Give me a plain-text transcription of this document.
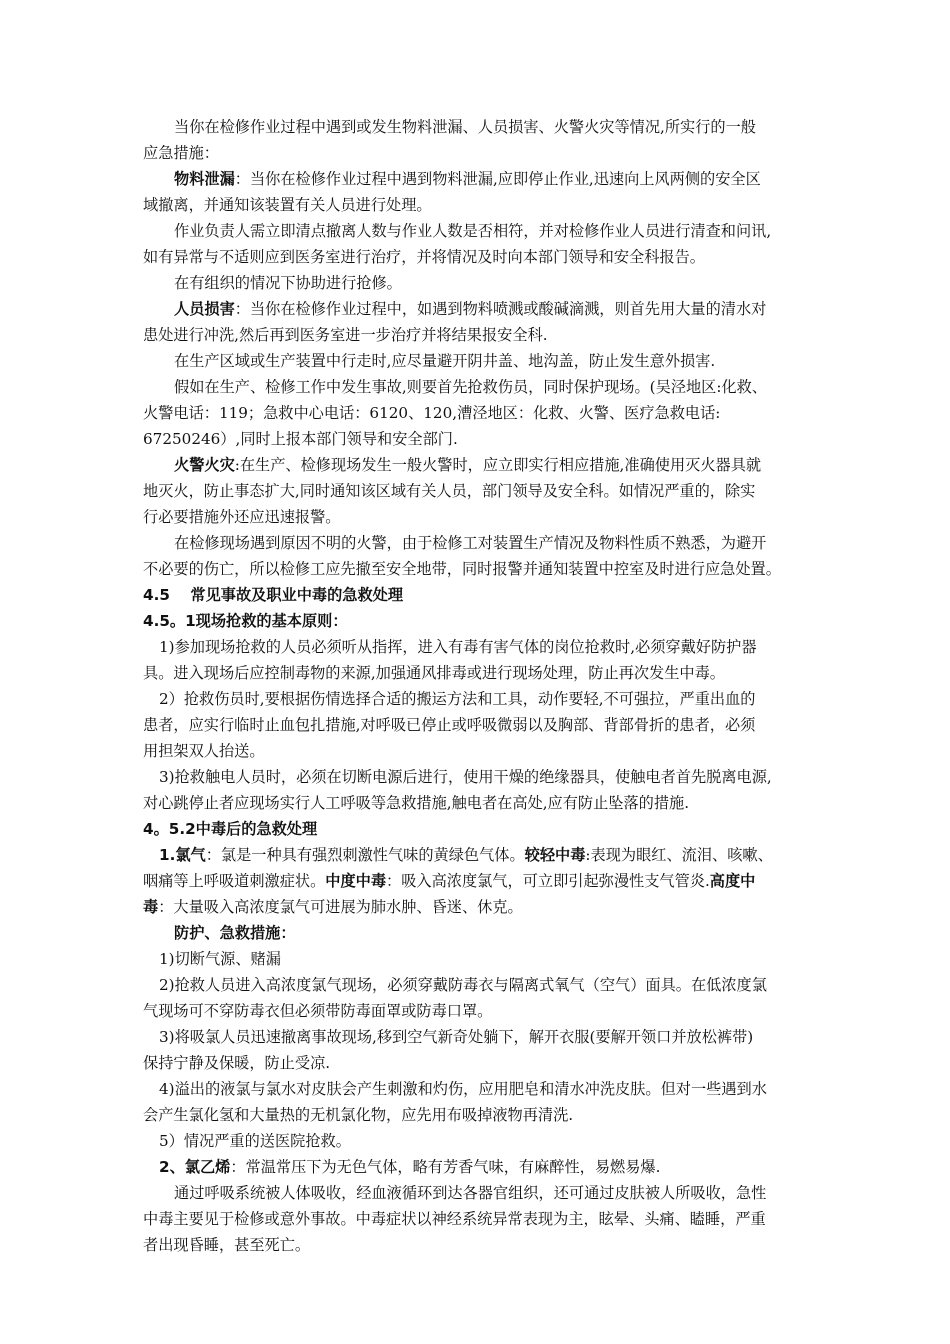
当你在检修作业过程中遇到或发生物料泄漏、人员损害、火警火灾等情况,所实行的一般

应急措施：

物料泄漏：当你在检修作业过程中遇到物料泄漏,应即停止作业,迅速向上风两侧的安全区

域撤离，并通知该装置有关人员进行处理。

作业负责人需立即清点撤离人数与作业人数是否相符，并对检修作业人员进行清查和问讯,

如有异常与不适则应到医务室进行治疗，并将情况及时向本部门领导和安全科报告。

在有组织的情况下协助进行抢修。

人员损害：当你在检修作业过程中，如遇到物料喷溅或酸碱滴溅，则首先用大量的清水对

患处进行冲洗,然后再到医务室进一步治疗并将结果报安全科.

在生产区域或生产装置中行走时,应尽量避开阴井盖、地沟盖，防止发生意外损害.

假如在生产、检修工作中发生事故,则要首先抢救伤员，同时保护现场。(吴泾地区:化救、

火警电话：119；急救中心电话：6120、120,漕泾地区：化救、火警、医疗急救电话:

67250246）,同时上报本部门领导和安全部门.

火警火灾:在生产、检修现场发生一般火警时，应立即实行相应措施,准确使用灭火器具就

地灭火，防止事态扩大,同时通知该区域有关人员，部门领导及安全科。如情况严重的，除实

行必要措施外还应迅速报警。

在检修现场遇到原因不明的火警，由于检修工对装置生产情况及物料性质不熟悉，为避开

不必要的伤亡，所以检修工应先撤至安全地带，同时报警并通知装置中控室及时进行应急处置。

4.5　 常见事故及职业中毒的急救处理

4.5。1现场抢救的基本原则：

1)参加现场抢救的人员必须听从指挥，进入有毒有害气体的岗位抢救时,必须穿戴好防护器

具。进入现场后应控制毒物的来源,加强通风排毒或进行现场处理，防止再次发生中毒。

2）抢救伤员时,要根据伤情选择合适的搬运方法和工具，动作要轻,不可强拉，严重出血的

患者，应实行临时止血包扎措施,对呼吸已停止或呼吸微弱以及胸部、背部骨折的患者，必须

用担架双人抬送。

3)抢救触电人员时，必须在切断电源后进行，使用干燥的绝缘器具，使触电者首先脱离电源,

对心跳停止者应现场实行人工呼吸等急救措施,触电者在高处,应有防止坠落的措施.

4。5.2中毒后的急救处理

1.氯气：氯是一种具有强烈刺激性气味的黄绿色气体。较轻中毒:表现为眼红、流泪、咳嗽、

咽痛等上呼吸道刺激症状。中度中毒：吸入高浓度氯气，可立即引起弥漫性支气管炎.高度中

毒：大量吸入高浓度氯气可进展为肺水肿、昏迷、休克。

防护、急救措施：

1)切断气源、赌漏

2)抢救人员进入高浓度氯气现场，必须穿戴防毒衣与隔离式氧气（空气）面具。在低浓度氯

气现场可不穿防毒衣但必须带防毒面罩或防毒口罩。

3)将吸氯人员迅速撤离事故现场,移到空气新奇处躺下，解开衣服(要解开领口并放松裤带)

保持宁静及保暖，防止受凉.

4)溢出的液氯与氯水对皮肤会产生刺激和灼伤，应用肥皂和清水冲洗皮肤。但对一些遇到水

会产生氯化氢和大量热的无机氯化物，应先用布吸掉液物再清洗.

5）情况严重的送医院抢救。

2、氯乙烯：常温常压下为无色气体，略有芳香气味，有麻醉性，易燃易爆.

通过呼吸系统被人体吸收，经血液循环到达各器官组织，还可通过皮肤被人所吸收，急性

中毒主要见于检修或意外事故。中毒症状以神经系统异常表现为主，眩晕、头痛、瞌睡，严重

者出现昏睡，甚至死亡。
